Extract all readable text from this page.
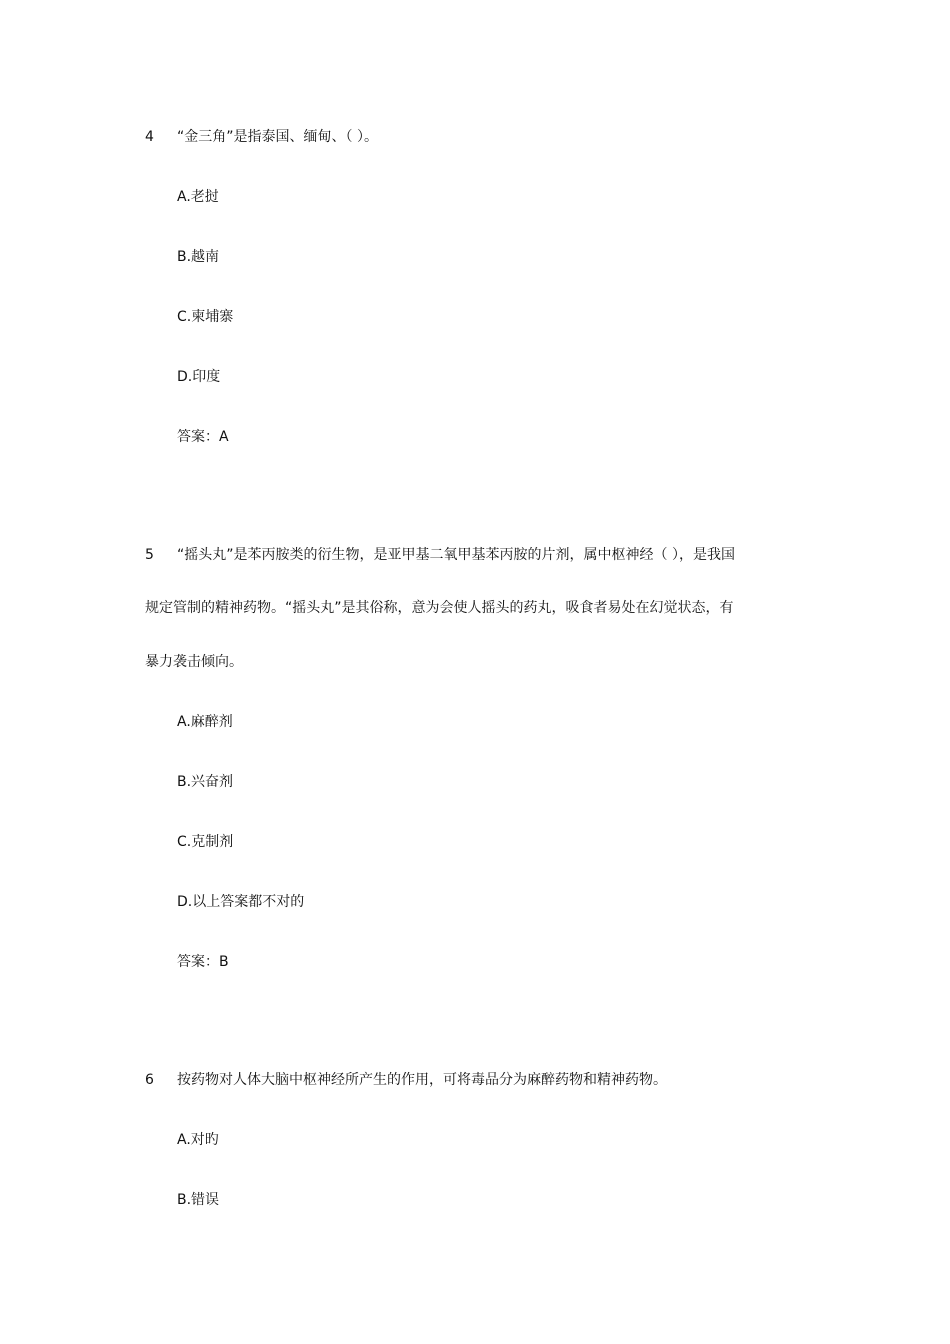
4 “金三角”是指泰国、缅甸、（ ）。
A.老挝
B.越南
C.柬埔寨
D.印度
答案：A
5 “摇头丸”是苯丙胺类的衍生物，是亚甲基二氧甲基苯丙胺的片剂，属中枢神经（ ），是我国
规定管制的精神药物。“摇头丸”是其俗称，意为会使人摇头的药丸，吸食者易处在幻觉状态，有
暴力袭击倾向。
A.麻醉剂
B.兴奋剂
C.克制剂
D.以上答案都不对的
答案：B
6 按药物对人体大脑中枢神经所产生的作用，可将毒品分为麻醉药物和精神药物。
A.对旳
B.错误
